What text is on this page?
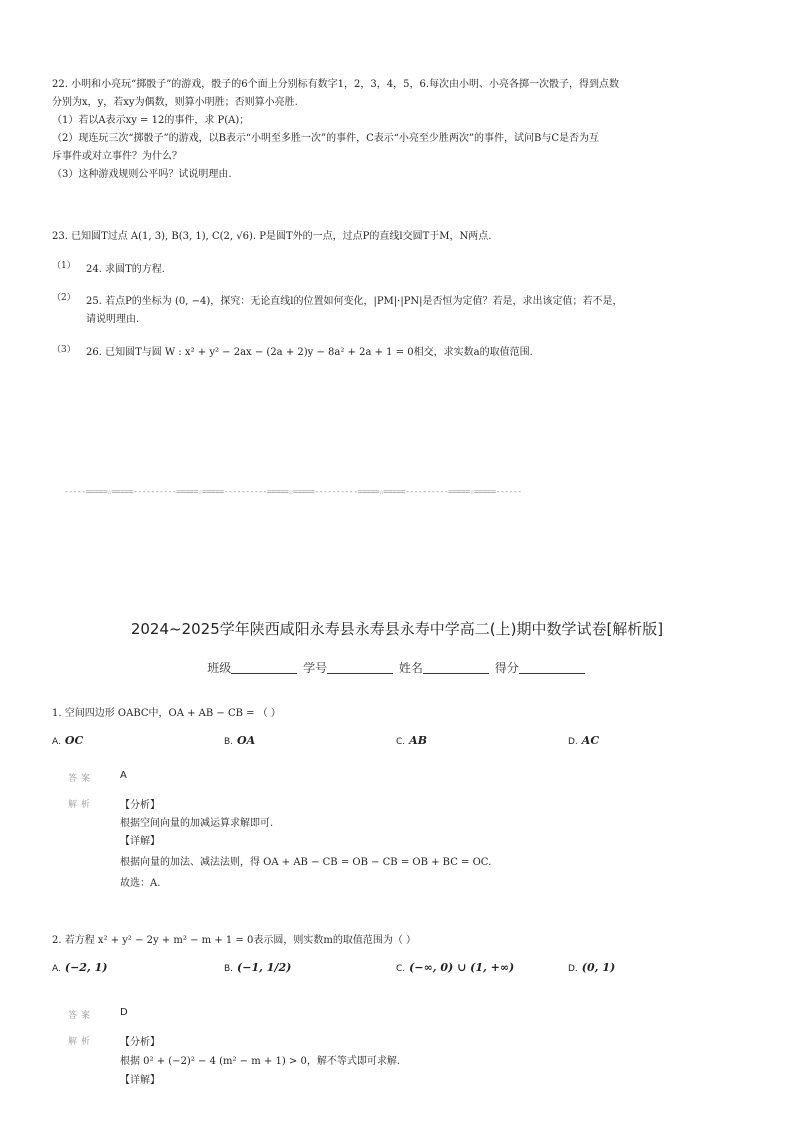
22. 小明和小亮玩“掷骰子”的游戏，骰子的6个面上分别标有数字1，2，3，4，5，6.每次由小明、小亮各掷一次骰子，得到点数
分别为x，y，若xy为偶数，则算小明胜；否则算小亮胜.
（1）若以A表示xy = 12的事件，求 P(A)；
（2）现连玩三次“掷骰子”的游戏，以B表示“小明至多胜一次”的事件，C表示“小亮至少胜两次”的事件，试问B与C是否为互
斥事件或对立事件？为什么？
（3）这种游戏规则公平吗？试说明理由.
23. 已知圆T过点 A(1, 3), B(3, 1), C(2, √6). P是圆T外的一点，过点P的直线l交圆T于M，N两点.
（1） 24. 求圆T的方程.
（2） 25. 若点P的坐标为 (0, −4)，探究：无论直线l的位置如何变化，|PM|·|PN|是否恒为定值？若是，求出该定值；若不是，
请说明理由.
（3） 26. 已知圆T与圆 W : x² + y² − 2ax − (2a + 2)y − 8a² + 2a + 1 = 0相交，求实数a的取值范围.
-----=====☆=====----------=====☆=====----------=====☆=====----------=====☆=====----------=====☆=====------
2024~2025学年陕西咸阳永寿县永寿县永寿中学高二(上)期中数学试卷[解析版]
班级	学号	姓名	得分
1. 空间四边形 OABC中，OA + AB − CB = （ ）
A. OC	B. OA	C. AB	D. AC
答案	A
解析	【分析】
根据空间向量的加减运算求解即可.
【详解】
根据向量的加法、减法法则，得 OA + AB − CB = OB − CB = OB + BC = OC.
故选：A.
2. 若方程 x² + y² − 2y + m² − m + 1 = 0表示圆，则实数m的取值范围为（ ）
A. (−2, 1)	B. (−1, 1/2)	C. (−∞, 0) ∪ (1, +∞)	D. (0, 1)
答案	D
解析	【分析】
根据 0² + (−2)² − 4 (m² − m + 1) > 0，解不等式即可求解.
【详解】
